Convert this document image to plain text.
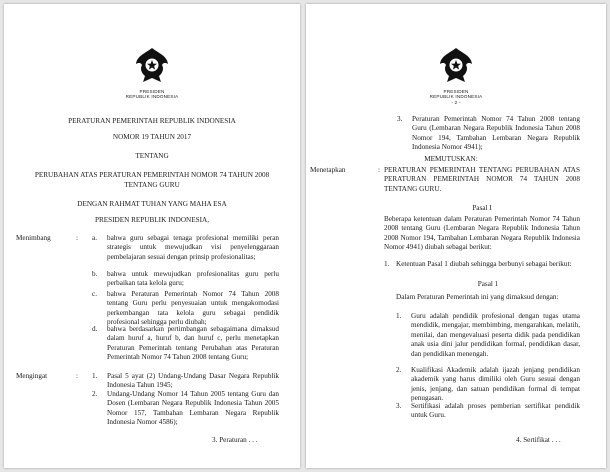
PRESIDEN
REPUBLIK INDONESIA
PERATURAN PEMERINTAH REPUBLIK INDONESIA
NOMOR 19 TAHUN 2017
TENTANG
PERUBAHAN ATAS PERATURAN PEMERINTAH NOMOR 74 TAHUN 2008
TENTANG GURU
DENGAN RAHMAT TUHAN YANG MAHA ESA
PRESIDEN REPUBLIK INDONESIA,
Menimbang	: a. bahwa guru sebagai tenaga profesional memiliki peran strategis untuk mewujudkan visi penyelenggaraan pembelajaran sesuai dengan prinsip profesionalitas;
b. bahwa untuk mewujudkan profesionalitas guru perlu perbaikan tata kelola guru;
c. bahwa Peraturan Pemerintah Nomor 74 Tahun 2008 tentang Guru perlu penyesuaian untuk mengakomodasi perkembangan tata kelola guru sebagai pendidik profesional sehingga perlu diubah;
d. bahwa berdasarkan pertimbangan sebagaimana dimaksud dalam huruf a, huruf b, dan huruf c, perlu menetapkan Peraturan Pemerintah tentang Perubahan atas Peraturan Pemerintah Nomor 74 Tahun 2008 tentang Guru;
Mengingat	: 1. Pasal 5 ayat (2) Undang-Undang Dasar Negara Republik Indonesia Tahun 1945;
2. Undang-Undang Nomor 14 Tahun 2005 tentang Guru dan Dosen (Lembaran Negara Republik Indonesia Tahun 2005 Nomor 157, Tambahan Lembaran Negara Republik Indonesia Nomor 4586);
3. Peraturan . . .
PRESIDEN
REPUBLIK INDONESIA
- 2 -
3. Peraturan Pemerintah Nomor 74 Tahun 2008 tentang Guru (Lembaran Negara Republik Indonesia Tahun 2008 Nomor 194, Tambahan Lembaran Negara Republik Indonesia Nomor 4941);
MEMUTUSKAN:
Menetapkan	: PERATURAN PEMERINTAH TENTANG PERUBAHAN ATAS PERATURAN PEMERINTAH NOMOR 74 TAHUN 2008 TENTANG GURU.
Pasal I
Beberapa ketentuan dalam Peraturan Pemerintah Nomor 74 Tahun 2008 tentang Guru (Lembaran Negara Republik Indonesia Tahun 2008 Nomor 194, Tambahan Lembaran Negara Republik Indonesia Nomor 4941) diubah sebagai berikut:
1. Ketentuan Pasal 1 diubah sehingga berbunyi sebagai berikut:
Pasal 1
Dalam Peraturan Pemerintah ini yang dimaksud dengan:
1. Guru adalah pendidik profesional dengan tugas utama mendidik, mengajar, membimbing, mengarahkan, melatih, menilai, dan mengevaluasi peserta didik pada pendidikan anak usia dini jalur pendidikan formal, pendidikan dasar, dan pendidikan menengah.
2. Kualifikasi Akademik adalah ijazah jenjang pendidikan akademik yang harus dimiliki oleh Guru sesuai dengan jenis, jenjang, dan satuan pendidikan formal di tempat penugasan.
3. Sertifikasi adalah proses pemberian sertifikat pendidik untuk Guru.
4. Sertifikat . . .
